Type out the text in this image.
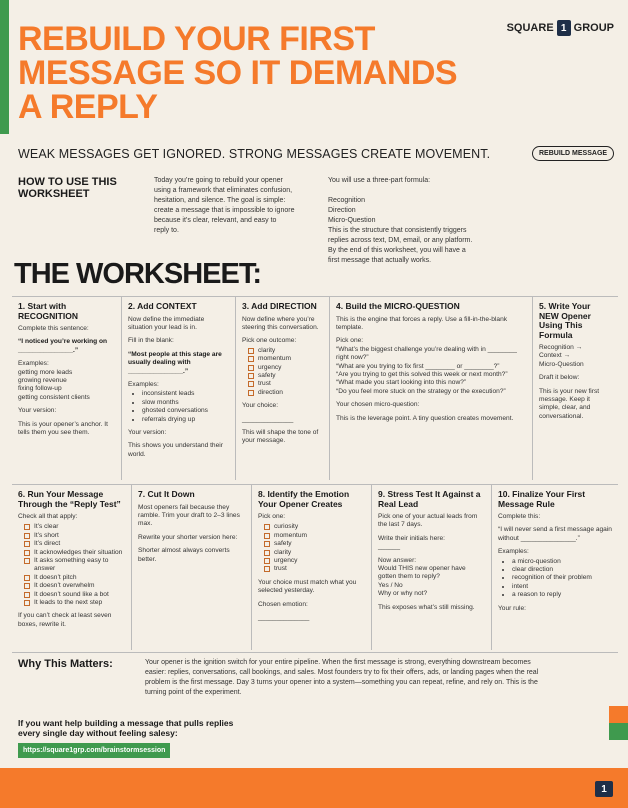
REBUILD YOUR FIRST
MESSAGE SO IT DEMANDS
A REPLY
SQUARE 1 GROUP
WEAK MESSAGES GET IGNORED. STRONG MESSAGES CREATE MOVEMENT.	REBUILD MESSAGE
HOW TO USE THIS WORKSHEET
Today you’re going to rebuild your opener
using a framework that eliminates confusion,
hesitation, and silence. The goal is simple:
create a message that is impossible to ignore
because it’s clear, relevant, and easy to
reply to.
You will use a three-part formula:

Recognition
Direction
Micro-Question
This is the structure that consistently triggers
replies across text, DM, email, or any platform.
By the end of this worksheet, you will have a
first message that actually works.
THE WORKSHEET:
1. Start with RECOGNITION

Complete this sentence:

“I noticed you’re working on _______________.”

Examples:
getting more leads
growing revenue
fixing follow-up
getting consistent clients

Your version:

This is your opener’s anchor. It tells them you see them.

2. Add CONTEXT

Now define the immediate situation your lead is in.

Fill in the blank:

“Most people at this stage are usually dealing with _______________.”

Examples:

• inconsistent leads
• slow months
• ghosted conversations
• referrals drying up

Your version:

This shows you understand their world.

3. Add DIRECTION

Now define where you’re steering this conversation.

Pick one outcome:

clarity
momentum
urgency
safety
trust
direction

Your choice:

______________

This will shape the tone of your message.

4. Build the MICRO-QUESTION

This is the engine that forces a reply. Use a fill-in-the-blank template.

Pick one:
“What’s the biggest challenge you’re dealing with in ________ right now?”
“What are you trying to fix first ________ or ________?”
“Are you trying to get this solved this week or next month?”
“What made you start looking into this now?”
“Do you feel more stuck on the strategy or the execution?”

Your chosen micro-question:

This is the leverage point. A tiny question creates movement.

5. Write Your NEW Opener Using This Formula

Recognition →
Context →
Micro-Question

Draft it below:

This is your new first message. Keep it simple, clear, and conversational.

6. Run Your Message Through the “Reply Test”

Check all that apply:

It’s clear
It’s short
It’s direct
It acknowledges their situation
It asks something easy to answer
It doesn’t pitch
It doesn’t overwhelm
It doesn’t sound like a bot
It leads to the next step

If you can’t check at least seven boxes, rewrite it.

7. Cut It Down

Most openers fail because they ramble. Trim your draft to 2–3 lines max.

Rewrite your shorter version here:

Shorter almost always converts better.

8. Identify the Emotion Your Opener Creates

Pick one:

curiosity
momentum
safety
clarity
urgency
trust

Your choice must match what you selected yesterday.

Chosen emotion:

______________

9. Stress Test It Against a Real Lead

Pick one of your actual leads from the last 7 days.

Write their initials here:
______

Now answer:
Would THIS new opener have gotten them to reply?
Yes / No
Why or why not?

This exposes what’s still missing.

10. Finalize Your First Message Rule

Complete this:

“I will never send a first message again without _______________.”

Examples:

• a micro-question
• clear direction
• recognition of their problem
• intent
• a reason to reply

Your rule:

Why This Matters:	Your opener is the ignition switch for your entire pipeline. When the first message is strong, everything downstream becomes easier: replies, conversations, call bookings, and sales. Most founders try to fix their offers, ads, or landing pages when the real problem is the first message. Day 3 turns your opener into a system—something you can repeat, refine, and rely on. This is the turning point of the experiment.
If you want help building a message that pulls replies every single day without feeling salesy:
https://square1grp.com/brainstormsession
1
